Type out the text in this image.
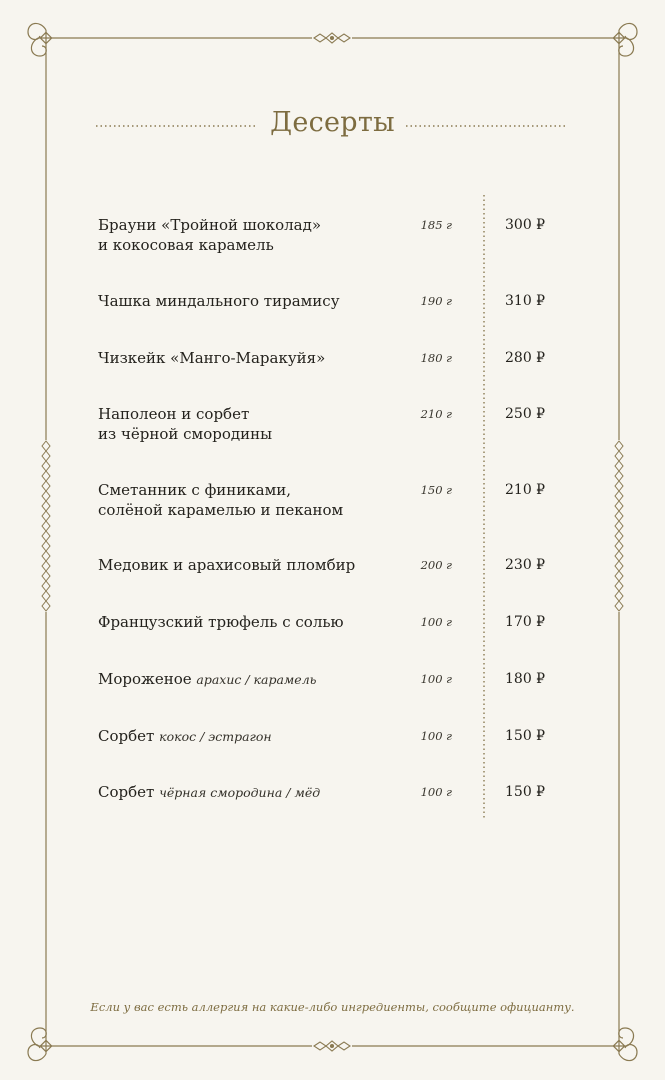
Десерты
Брауни «Тройной шоколад»
и кокосовая карамель
185 г	300 ₽
Чашка миндального тирамису	190 г	310 ₽
Чизкейк «Манго-Маракуйя»	180 г	280 ₽
Наполеон и сорбет
из чёрной смородины
210 г	250 ₽
Сметанник с финиками,
солёной карамелью и пеканом
150 г	210 ₽
Медовик и арахисовый пломбир	200 г	230 ₽
Французский трюфель с солью	100 г	170 ₽
Мороженое арахис / карамель	100 г	180 ₽
Сорбет кокос / эстрагон	100 г	150 ₽
Сорбет чёрная смородина / мёд	100 г	150 ₽
Если у вас есть аллергия на какие-либо ингредиенты, сообщите официанту.
